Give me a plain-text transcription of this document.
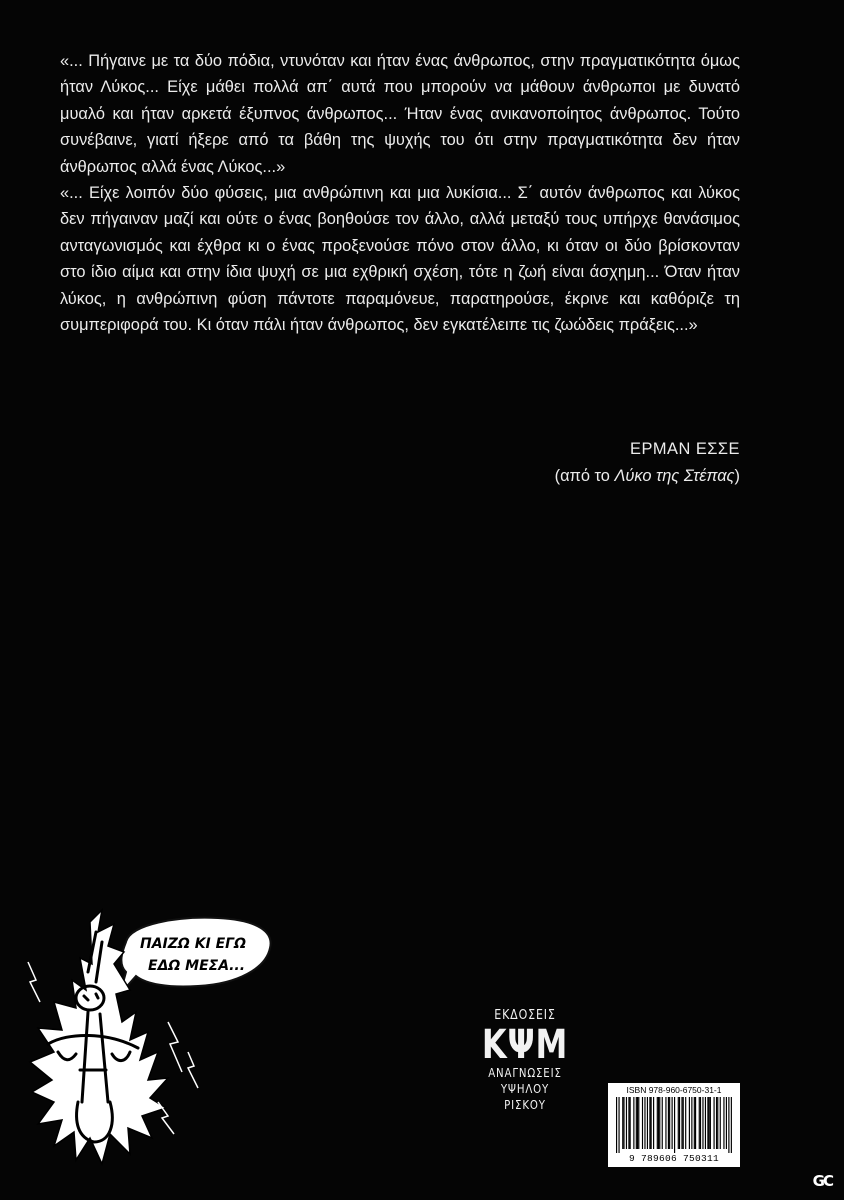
«... Πήγαινε με τα δύο πόδια, ντυνόταν και ήταν ένας άνθρωπος, στην πραγματικότητα όμως ήταν Λύκος... Είχε μάθει πολλά απ΄ αυτά που μπορούν να μάθουν άνθρωποι με δυνατό μυαλό και ήταν αρκετά έξυπνος άνθρωπος... Ήταν ένας ανικανοποίητος άνθρωπος. Τούτο συνέβαινε, γιατί ήξερε από τα βάθη της ψυχής του ότι στην πραγματικότητα δεν ήταν άνθρωπος αλλά ένας Λύκος...»

«... Είχε λοιπόν δύο φύσεις, μια ανθρώπινη και μια λυκίσια... Σ΄ αυτόν άνθρωπος και λύκος δεν πήγαιναν μαζί και ούτε ο ένας βοηθούσε τον άλλο, αλλά μεταξύ τους υπήρχε θανάσιμος ανταγωνισμός και έχθρα κι ο ένας προξενούσε πόνο στον άλλο, κι όταν οι δύο βρίσκονταν στο ίδιο αίμα και στην ίδια ψυχή σε μια εχθρική σχέση, τότε η ζωή είναι άσχημη... Όταν ήταν λύκος, η ανθρώπινη φύση πάντοτε παραμόνευε, παρατηρούσε, έκρινε και καθόριζε τη συμπεριφορά του. Κι όταν πάλι ήταν άνθρωπος, δεν εγκατέλειπε τις ζωώδεις πράξεις...»

ΕΡΜΑΝ ΕΣΣΕ
(από το Λύκο της Στέπας)
ΠΑΙΖΩ ΚΙ ΕΓΩ
ΕΔΩ ΜΕΣΑ...
ΕΚΔΟΣΕΙΣ
ΚΨΜ
ΑΝΑΓΝΩΣΕΙΣ
ΥΨΗΛΟΥ
ΡΙΣΚΟΥ
ISBN 978-960-6750-31-1
9 789606 750311
GC
